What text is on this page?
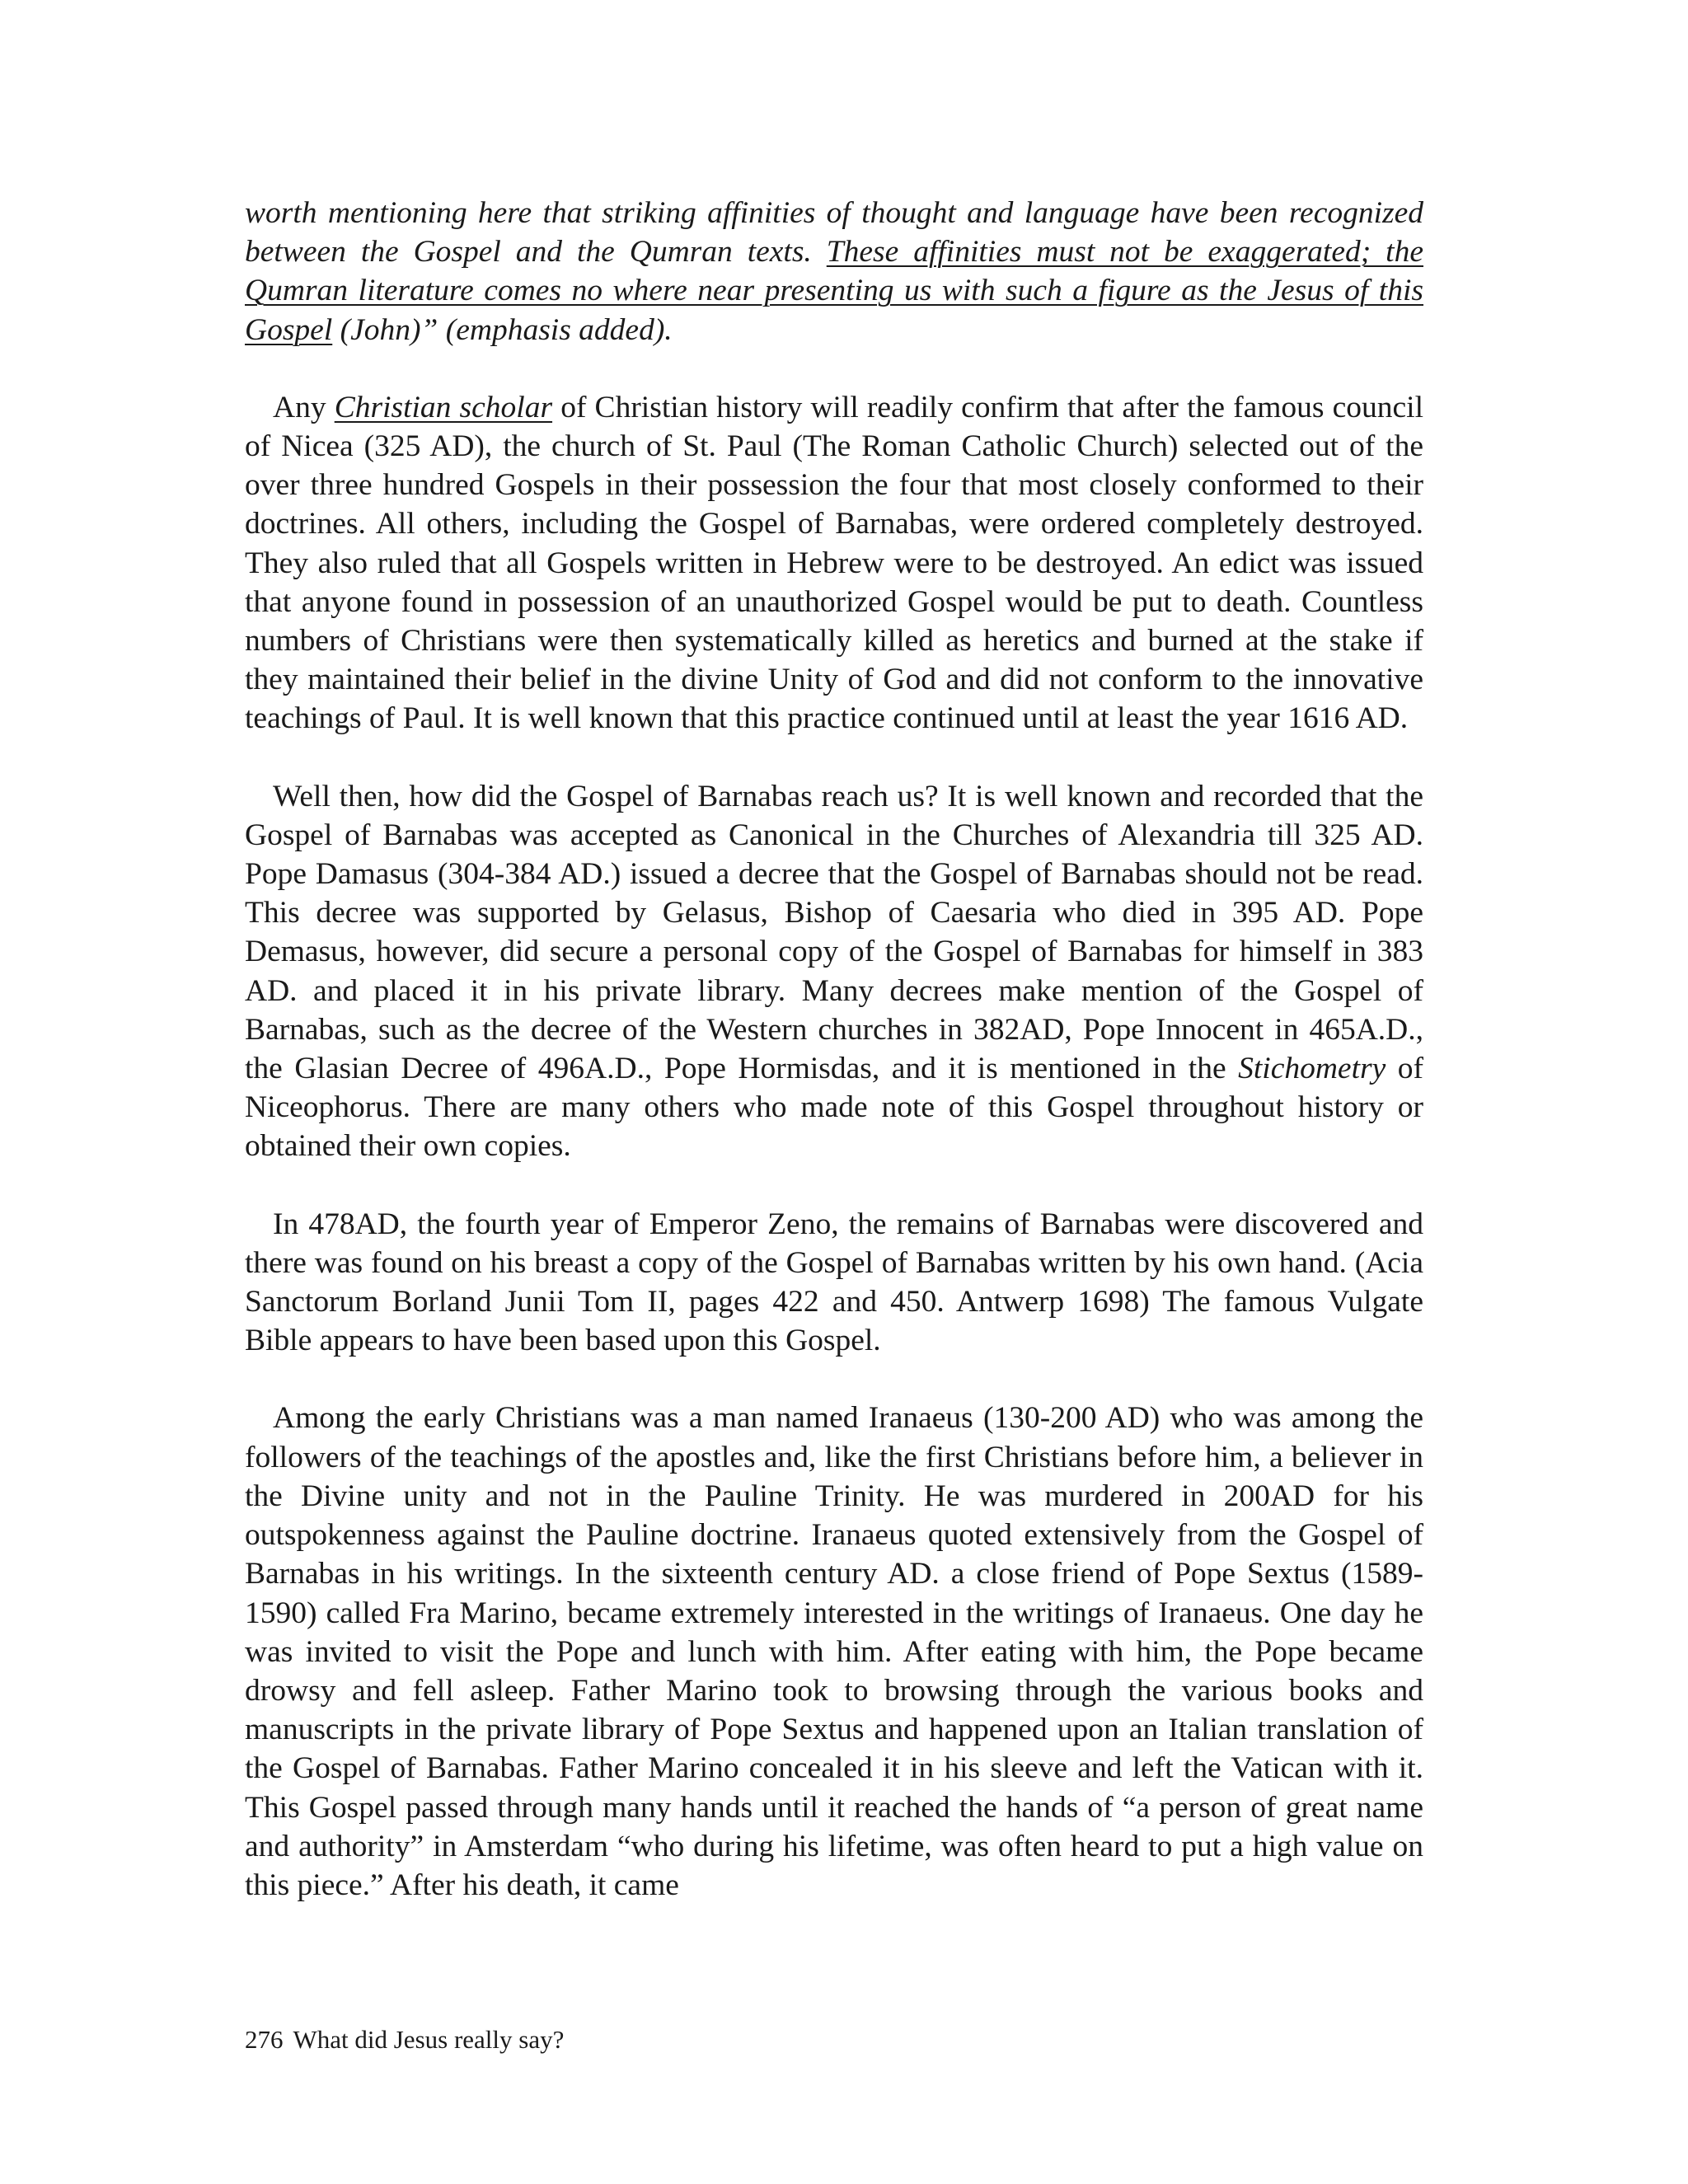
worth mentioning here that striking affinities of thought and language have been recognized between the Gospel and the Qumran texts. These affinities must not be exaggerated; the Qumran literature comes no where near presenting us with such a figure as the Jesus of this Gospel (John)” (emphasis added).

Any Christian scholar of Christian history will readily confirm that after the famous council of Nicea (325 AD), the church of St. Paul (The Roman Catholic Church) selected out of the over three hundred Gospels in their possession the four that most closely conformed to their doctrines. All others, including the Gospel of Barnabas, were ordered completely destroyed. They also ruled that all Gospels written in Hebrew were to be destroyed. An edict was issued that anyone found in possession of an unauthorized Gospel would be put to death. Countless numbers of Christians were then systematically killed as heretics and burned at the stake if they maintained their belief in the divine Unity of God and did not conform to the innovative teachings of Paul. It is well known that this practice continued until at least the year 1616 AD.

Well then, how did the Gospel of Barnabas reach us? It is well known and recorded that the Gospel of Barnabas was accepted as Canonical in the Churches of Alexandria till 325 AD. Pope Damasus (304-384 AD.) issued a decree that the Gospel of Barnabas should not be read. This decree was supported by Gelasus, Bishop of Caesaria who died in 395 AD. Pope Demasus, however, did secure a personal copy of the Gospel of Barnabas for himself in 383 AD. and placed it in his private library. Many decrees make mention of the Gospel of Barnabas, such as the decree of the Western churches in 382AD, Pope Innocent in 465A.D., the Glasian Decree of 496A.D., Pope Hormisdas, and it is mentioned in the Stichometry of Niceophorus. There are many others who made note of this Gospel throughout history or obtained their own copies.

In 478AD, the fourth year of Emperor Zeno, the remains of Barnabas were discovered and there was found on his breast a copy of the Gospel of Barnabas written by his own hand. (Acia Sanctorum Borland Junii Tom II, pages 422 and 450. Antwerp 1698) The famous Vulgate Bible appears to have been based upon this Gospel.

Among the early Christians was a man named Iranaeus (130-200 AD) who was among the followers of the teachings of the apostles and, like the first Christians before him, a believer in the Divine unity and not in the Pauline Trinity. He was murdered in 200AD for his outspokenness against the Pauline doctrine. Iranaeus quoted extensively from the Gospel of Barnabas in his writings. In the sixteenth century AD. a close friend of Pope Sextus (1589-1590) called Fra Marino, became extremely interested in the writings of Iranaeus. One day he was invited to visit the Pope and lunch with him. After eating with him, the Pope became drowsy and fell asleep. Father Marino took to browsing through the various books and manuscripts in the private library of Pope Sextus and happened upon an Italian translation of the Gospel of Barnabas. Father Marino concealed it in his sleeve and left the Vatican with it. This Gospel passed through many hands until it reached the hands of “a person of great name and authority” in Amsterdam “who during his lifetime, was often heard to put a high value on this piece.” After his death, it came

276 What did Jesus really say?
